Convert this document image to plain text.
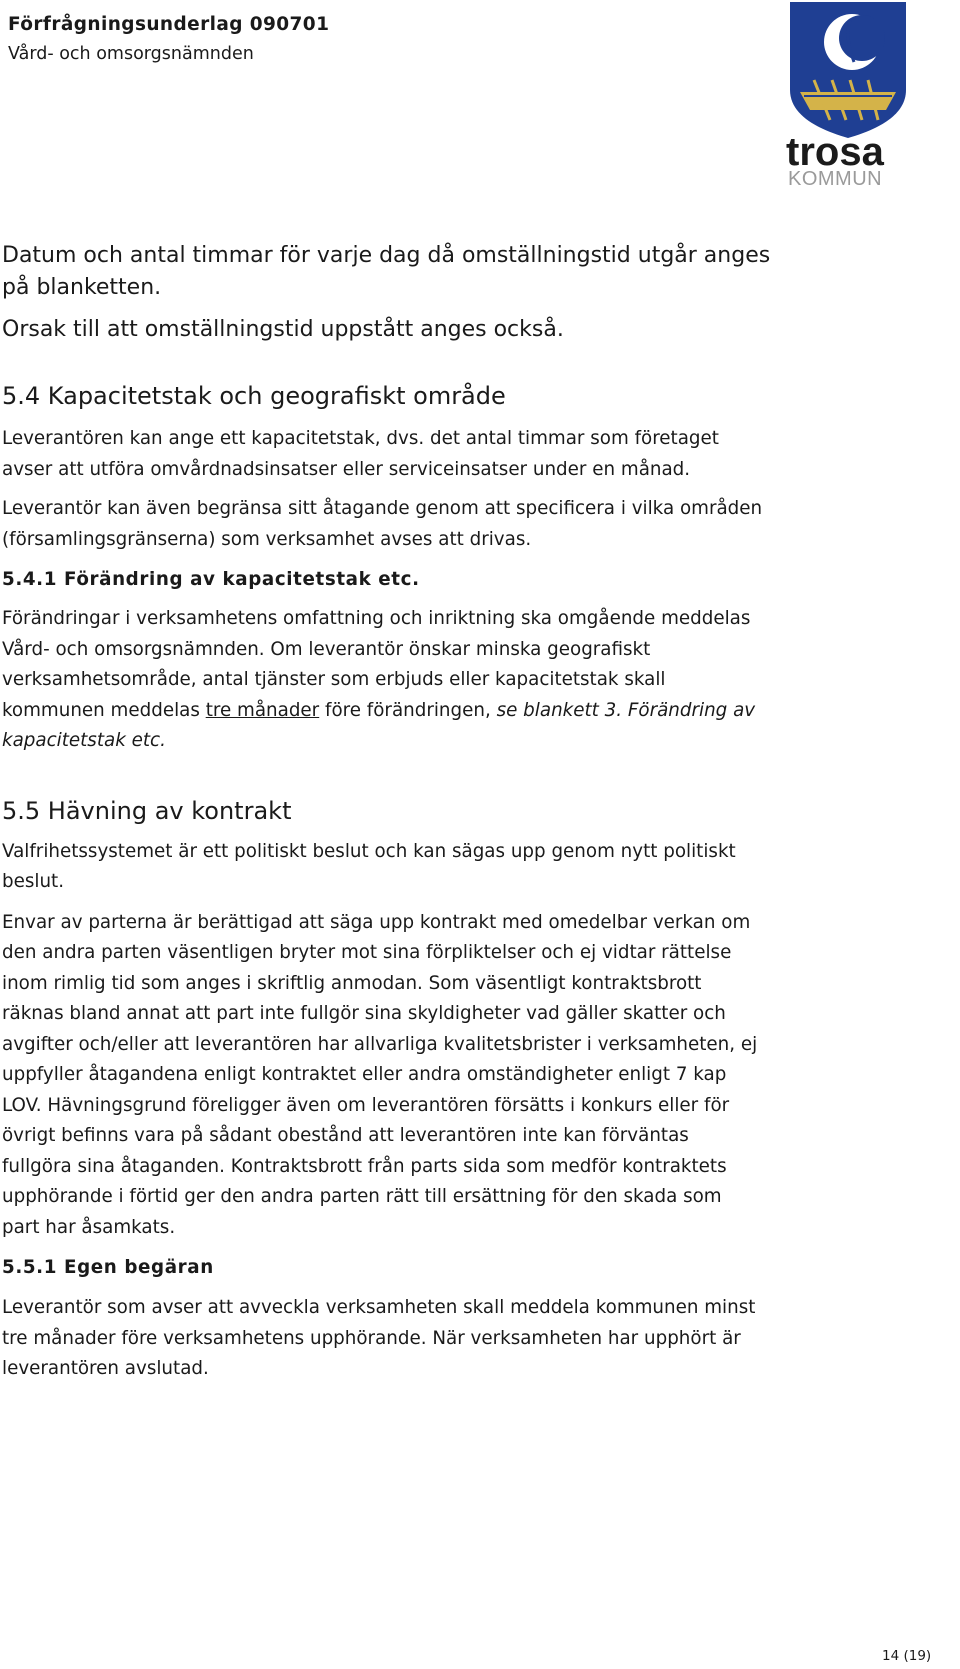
Förfrågningsunderlag 090701
Vård- och omsorgsnämnden
trosa
KOMMUN

Datum och antal timmar för varje dag då omställningstid utgår anges

på blanketten.

Orsak till att omställningstid uppstått anges också.

5.4 Kapacitetstak och geografiskt område

Leverantören kan ange ett kapacitetstak, dvs. det antal timmar som företaget

avser att utföra omvårdnadsinsatser eller serviceinsatser under en månad.

Leverantör kan även begränsa sitt åtagande genom att specificera i vilka områden

(församlingsgränserna) som verksamhet avses att drivas.

5.4.1 Förändring av kapacitetstak etc.

Förändringar i verksamhetens omfattning och inriktning ska omgående meddelas

Vård- och omsorgsnämnden. Om leverantör önskar minska geografiskt

verksamhetsområde, antal tjänster som erbjuds eller kapacitetstak skall

kommunen meddelas tre månader före förändringen, se blankett 3. Förändring av

kapacitetstak etc.

5.5 Hävning av kontrakt

Valfrihetssystemet är ett politiskt beslut och kan sägas upp genom nytt politiskt

beslut.

Envar av parterna är berättigad att säga upp kontrakt med omedelbar verkan om

den andra parten väsentligen bryter mot sina förpliktelser och ej vidtar rättelse

inom rimlig tid som anges i skriftlig anmodan. Som väsentligt kontraktsbrott

räknas bland annat att part inte fullgör sina skyldigheter vad gäller skatter och

avgifter och/eller att leverantören har allvarliga kvalitetsbrister i verksamheten, ej

uppfyller åtagandena enligt kontraktet eller andra omständigheter enligt 7 kap

LOV. Hävningsgrund föreligger även om leverantören försätts i konkurs eller för

övrigt befinns vara på sådant obestånd att leverantören inte kan förväntas

fullgöra sina åtaganden. Kontraktsbrott från parts sida som medför kontraktets

upphörande i förtid ger den andra parten rätt till ersättning för den skada som

part har åsamkats.

5.5.1 Egen begäran

Leverantör som avser att avveckla verksamheten skall meddela kommunen minst

tre månader före verksamhetens upphörande. När verksamheten har upphört är

leverantören avslutad.

14 (19)
